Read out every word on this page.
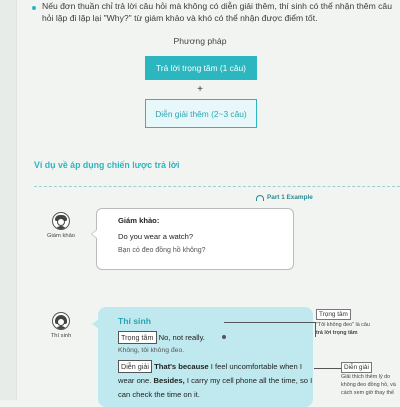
Nếu đơn thuần chỉ trả lời câu hỏi mà không có diễn giải thêm, thí sinh có thể nhận thêm câu hỏi lặp đi lặp lại "Why?" từ giám khảo và khó có thể nhận được điểm tốt.
Phương pháp
Trả lời trọng tâm (1 câu)
+
Diễn giải thêm (2~3 câu)
Ví dụ về áp dụng chiến lược trả lời
Part 1 Example
Giám khảo
Giám khảo:
Do you wear a watch?
Bạn có đeo đồng hồ không?
Thí sinh
Thí sinh
Trọng tâm No, not really.
Không, tôi không đeo.
Diễn giải That's because I feel uncomfortable when I
wear one. Besides, I carry my cell phone all the time, so I
can check the time on it.
Trọng tâm
"Tôi không đeo" là câu
trả lời trọng tâm
Diễn giải
Giải thích thêm lý do
không đeo đồng hồ, và
cách xem giờ thay thế
